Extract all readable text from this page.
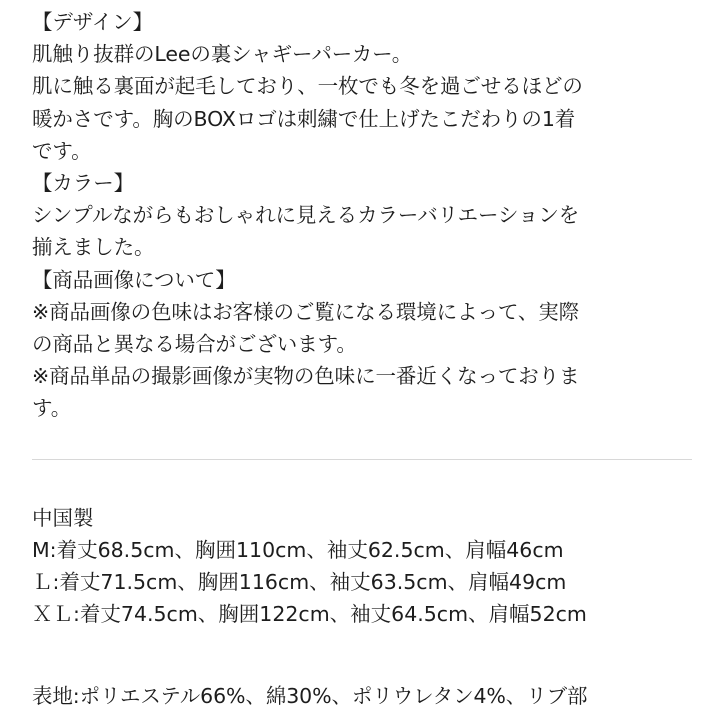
【デザイン】
肌触り抜群のLeeの裏シャギーパーカー。
肌に触る裏面が起毛しており、一枚でも冬を過ごせるほどの
暖かさです。胸のBOXロゴは刺繍で仕上げたこだわりの1着
です。
【カラー】
シンプルながらもおしゃれに見えるカラーバリエーションを
揃えました。
【商品画像について】
※商品画像の色味はお客様のご覧になる環境によって、実際
の商品と異なる場合がございます。
※商品単品の撮影画像が実物の色味に一番近くなっておりま
す。
中国製
M:着丈68.5cm、胸囲110cm、袖丈62.5cm、肩幅46cm
Ｌ:着丈71.5cm、胸囲116cm、袖丈63.5cm、肩幅49cm
ＸＬ:着丈74.5cm、胸囲122cm、袖丈64.5cm、肩幅52cm
表地:ポリエステル66%、綿30%、ポリウレタン4%、リブ部
